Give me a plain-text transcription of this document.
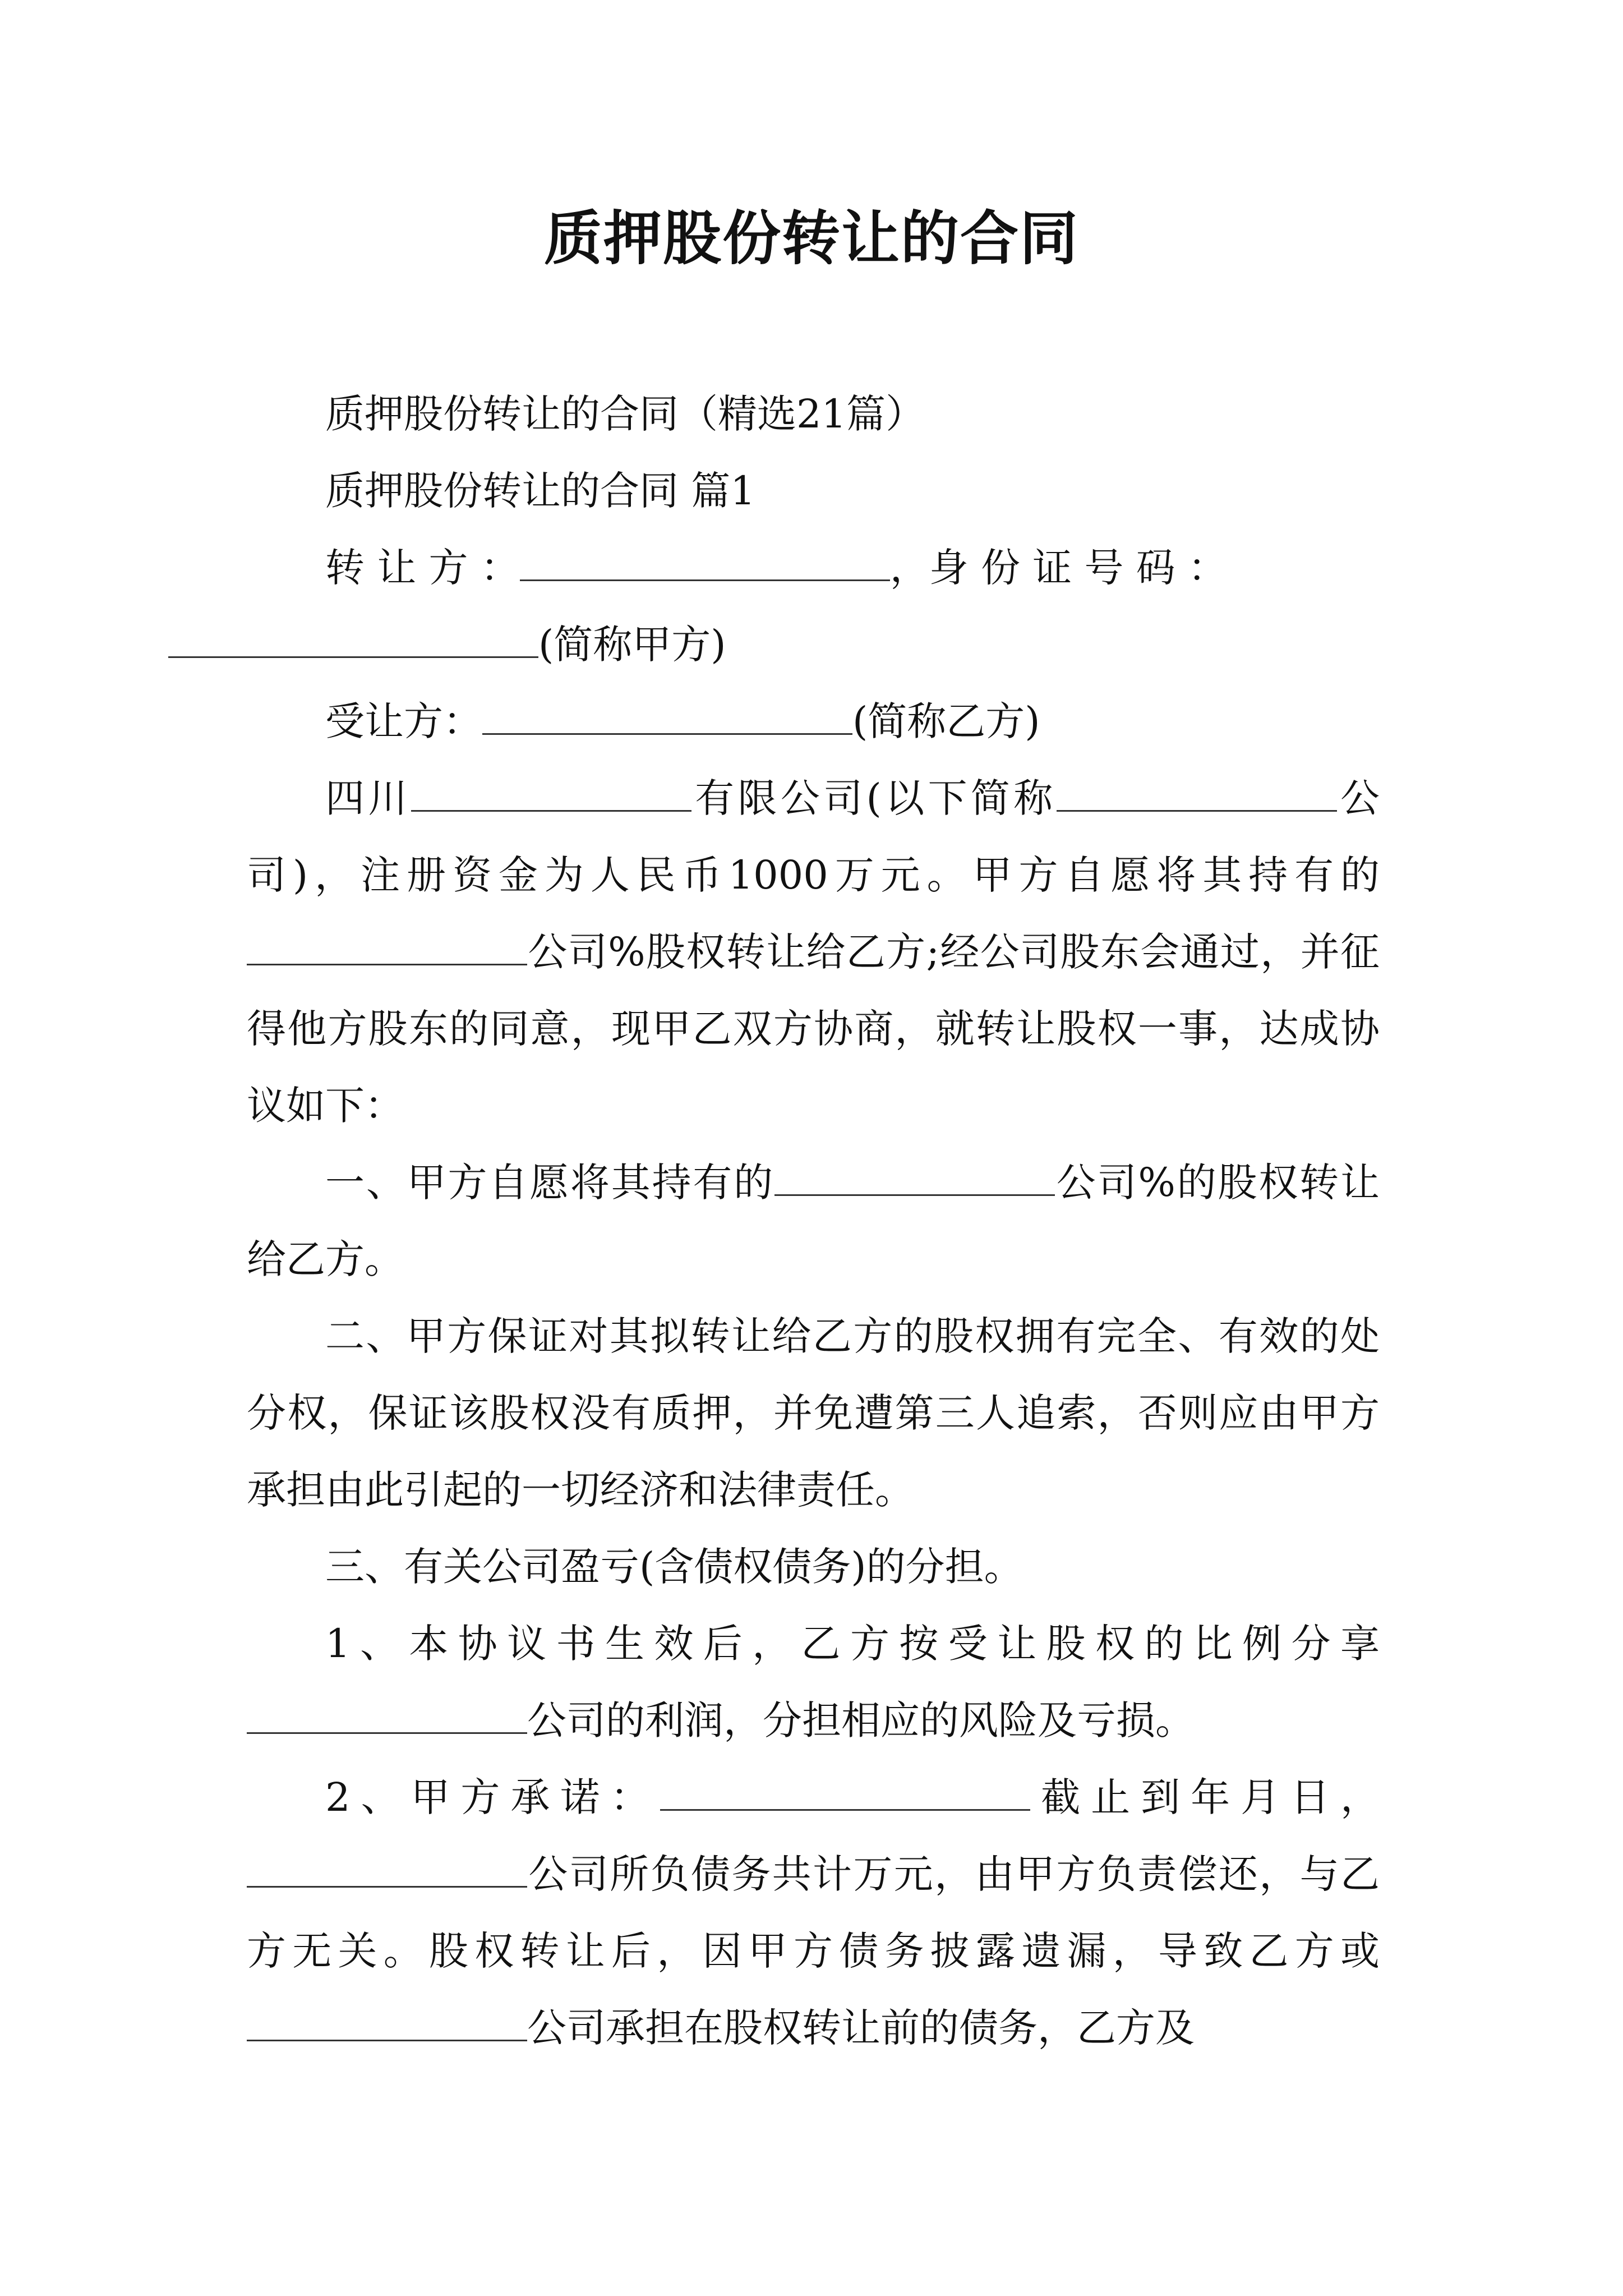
质押股份转让的合同

质押股份转让的合同（精选21篇）

质押股份转让的合同 篇1

转 让 方 ：	，身 份 证 号 码 ：
(简称甲方)

受让方：	(简称乙方)

四川	有限公司(以下简称	公司)，注册资金为人民币1000万元。甲方自愿将其持有的公司%股权转让给乙方;经公司股东会通过，并征得他方股东的同意，现甲乙双方协商，就转让股权一事，达成协议如下：

一、甲方自愿将其持有的	公司%的股权转让给乙方。

二、甲方保证对其拟转让给乙方的股权拥有完全、有效的处分权，保证该股权没有质押，并免遭第三人追索，否则应由甲方承担由此引起的一切经济和法律责任。

三、有关公司盈亏(含债权债务)的分担。

1、本协议书生效后，乙方按受让股权的比例分享公司的利润，分担相应的风险及亏损。

2、甲方承诺：	截止到年月日，公司所负债务共计万元，由甲方负责偿还，与乙方无关。股权转让后，因甲方债务披露遗漏，导致乙方或公司承担在股权转让前的债务，乙方及
